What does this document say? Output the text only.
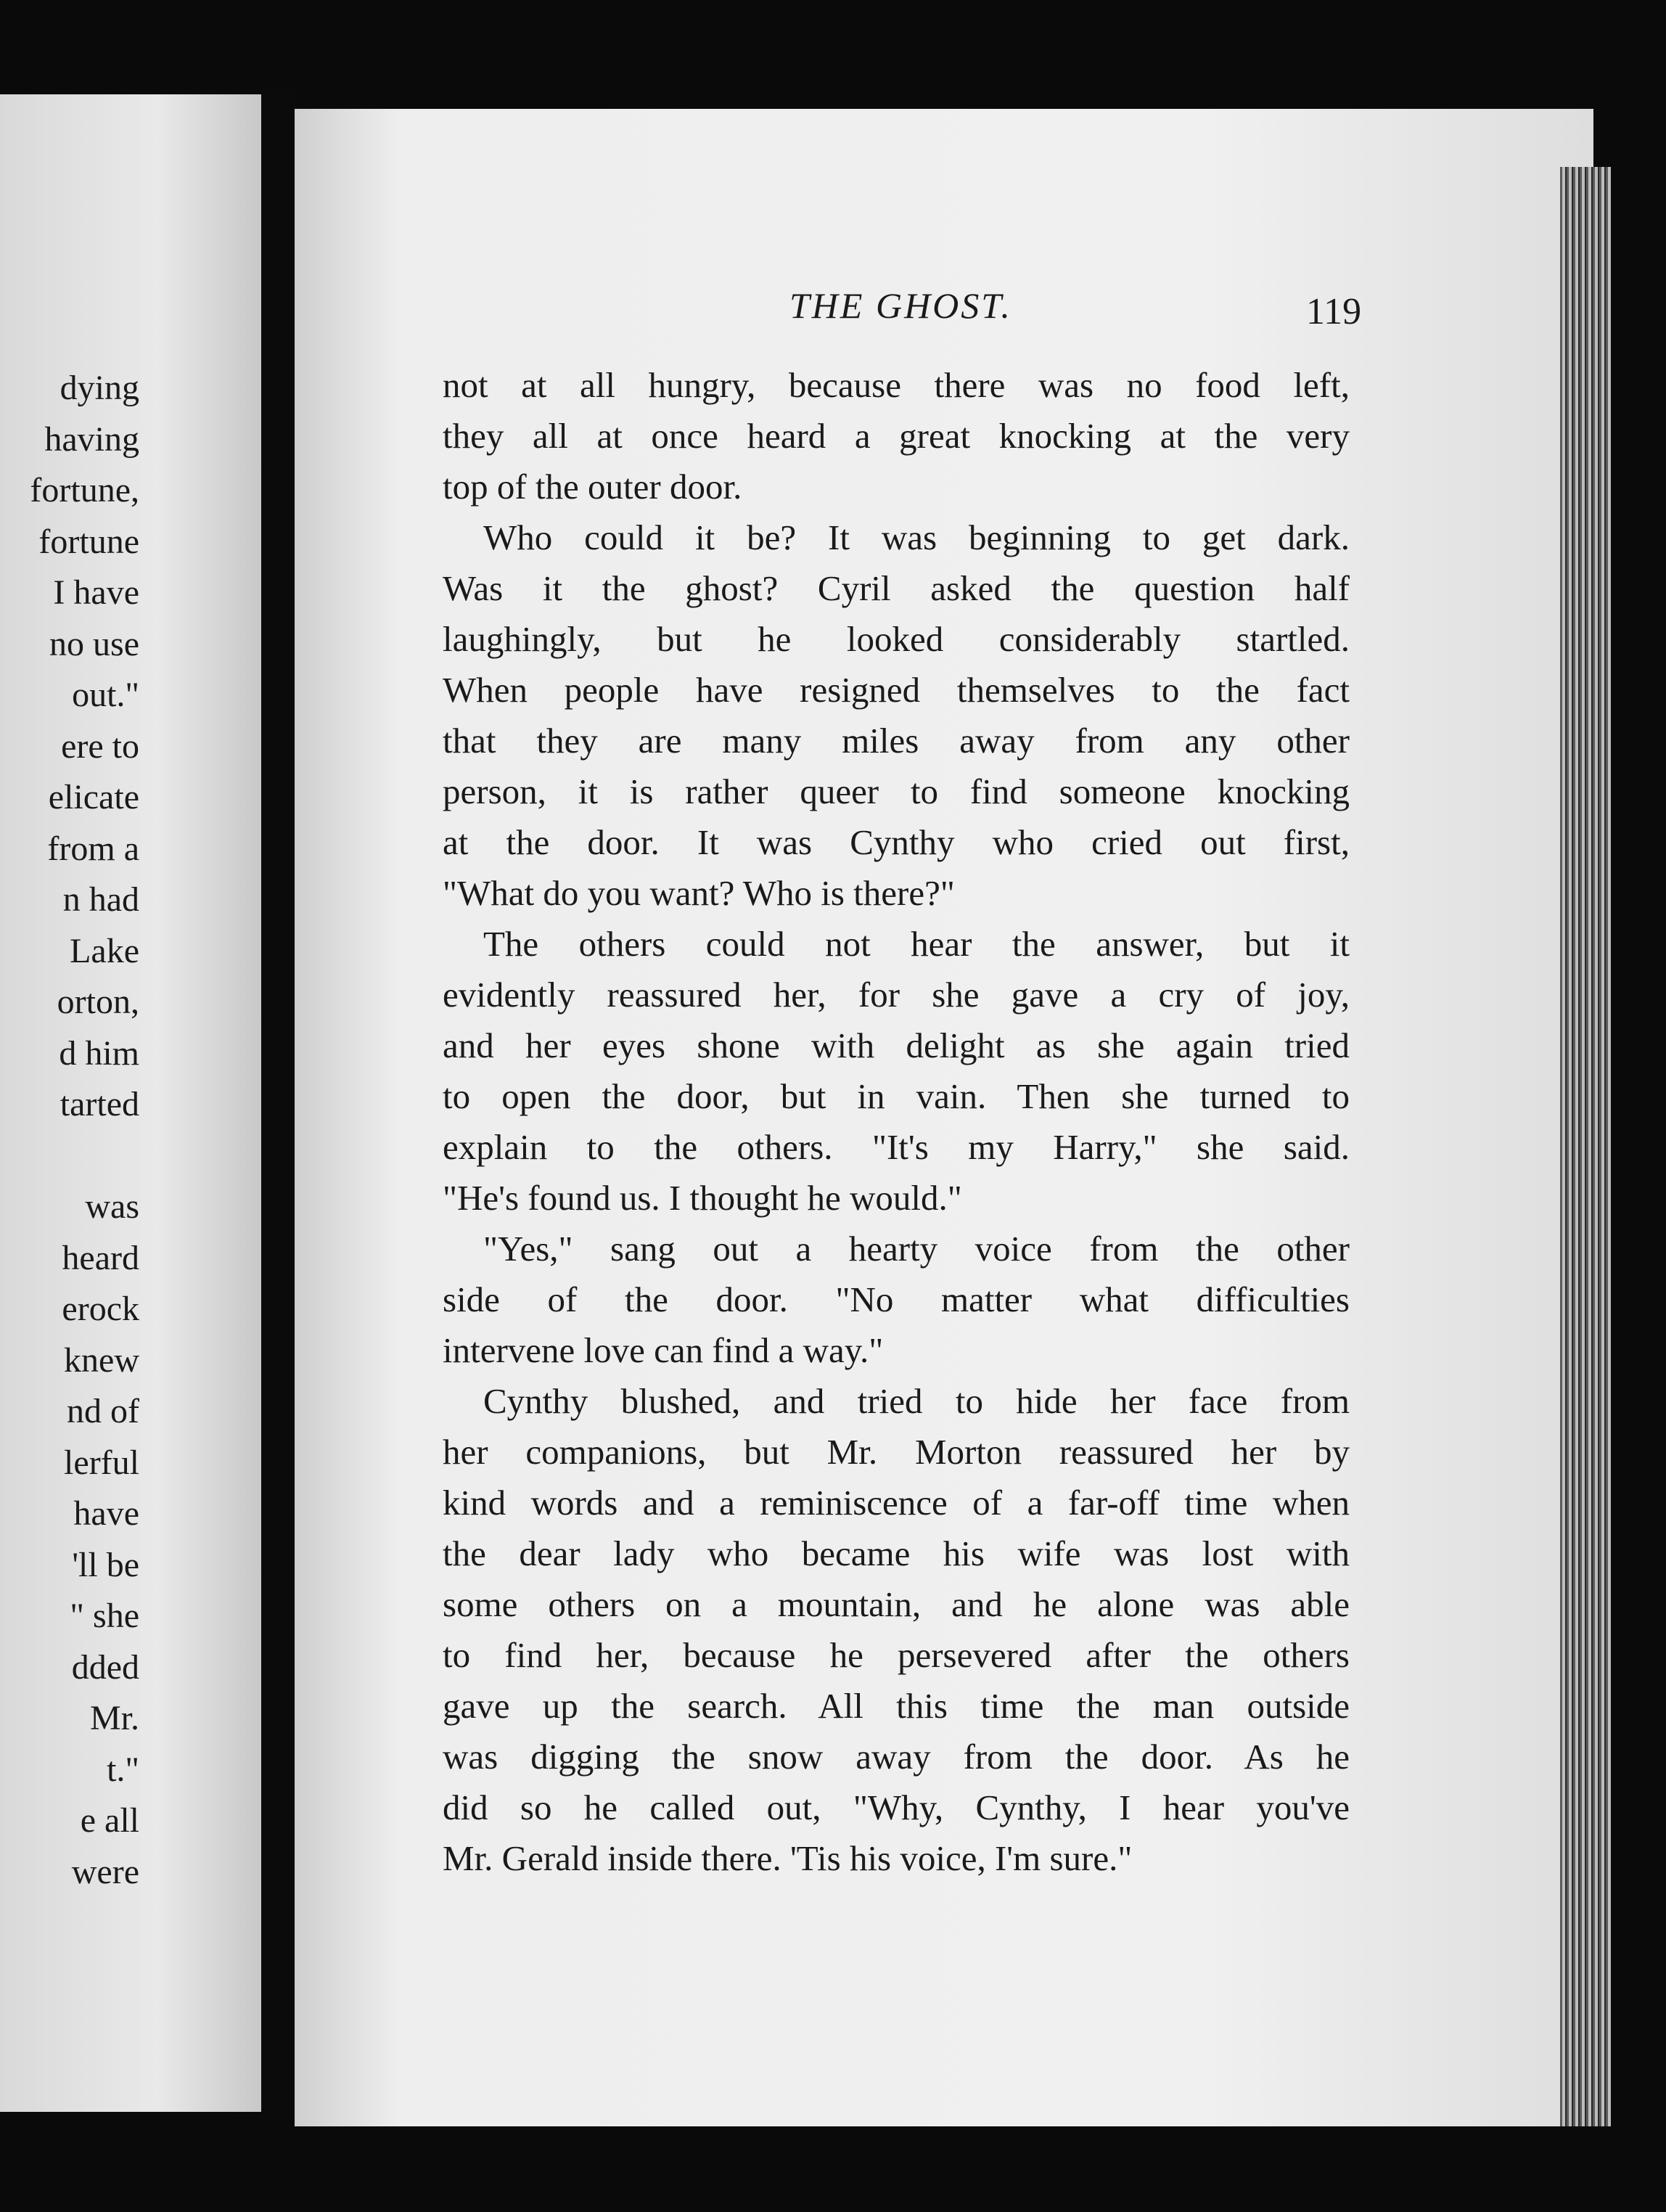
dying
having
fortune,
fortune
I have
no use
out."
ere to
elicate
from a
n had
Lake
orton,
d him
tarted
was
heard
erock
knew
nd of
lerful
have
'll be
" she
dded
Mr.
t."
e all
were
THE GHOST.	119
not at all hungry, because there was no food left,
they all at once heard a great knocking at the very
top of the outer door.
Who could it be? It was beginning to get dark.
Was it the ghost? Cyril asked the question half
laughingly, but he looked considerably startled.
When people have resigned themselves to the fact
that they are many miles away from any other
person, it is rather queer to find someone knocking
at the door. It was Cynthy who cried out first,
"What do you want? Who is there?"
The others could not hear the answer, but it
evidently reassured her, for she gave a cry of joy,
and her eyes shone with delight as she again tried
to open the door, but in vain. Then she turned to
explain to the others. "It's my Harry," she said.
"He's found us. I thought he would."
"Yes," sang out a hearty voice from the other
side of the door. "No matter what difficulties
intervene love can find a way."
Cynthy blushed, and tried to hide her face from
her companions, but Mr. Morton reassured her by
kind words and a reminiscence of a far-off time when
the dear lady who became his wife was lost with
some others on a mountain, and he alone was able
to find her, because he persevered after the others
gave up the search. All this time the man outside
was digging the snow away from the door. As he
did so he called out, "Why, Cynthy, I hear you've
Mr. Gerald inside there. 'Tis his voice, I'm sure."
